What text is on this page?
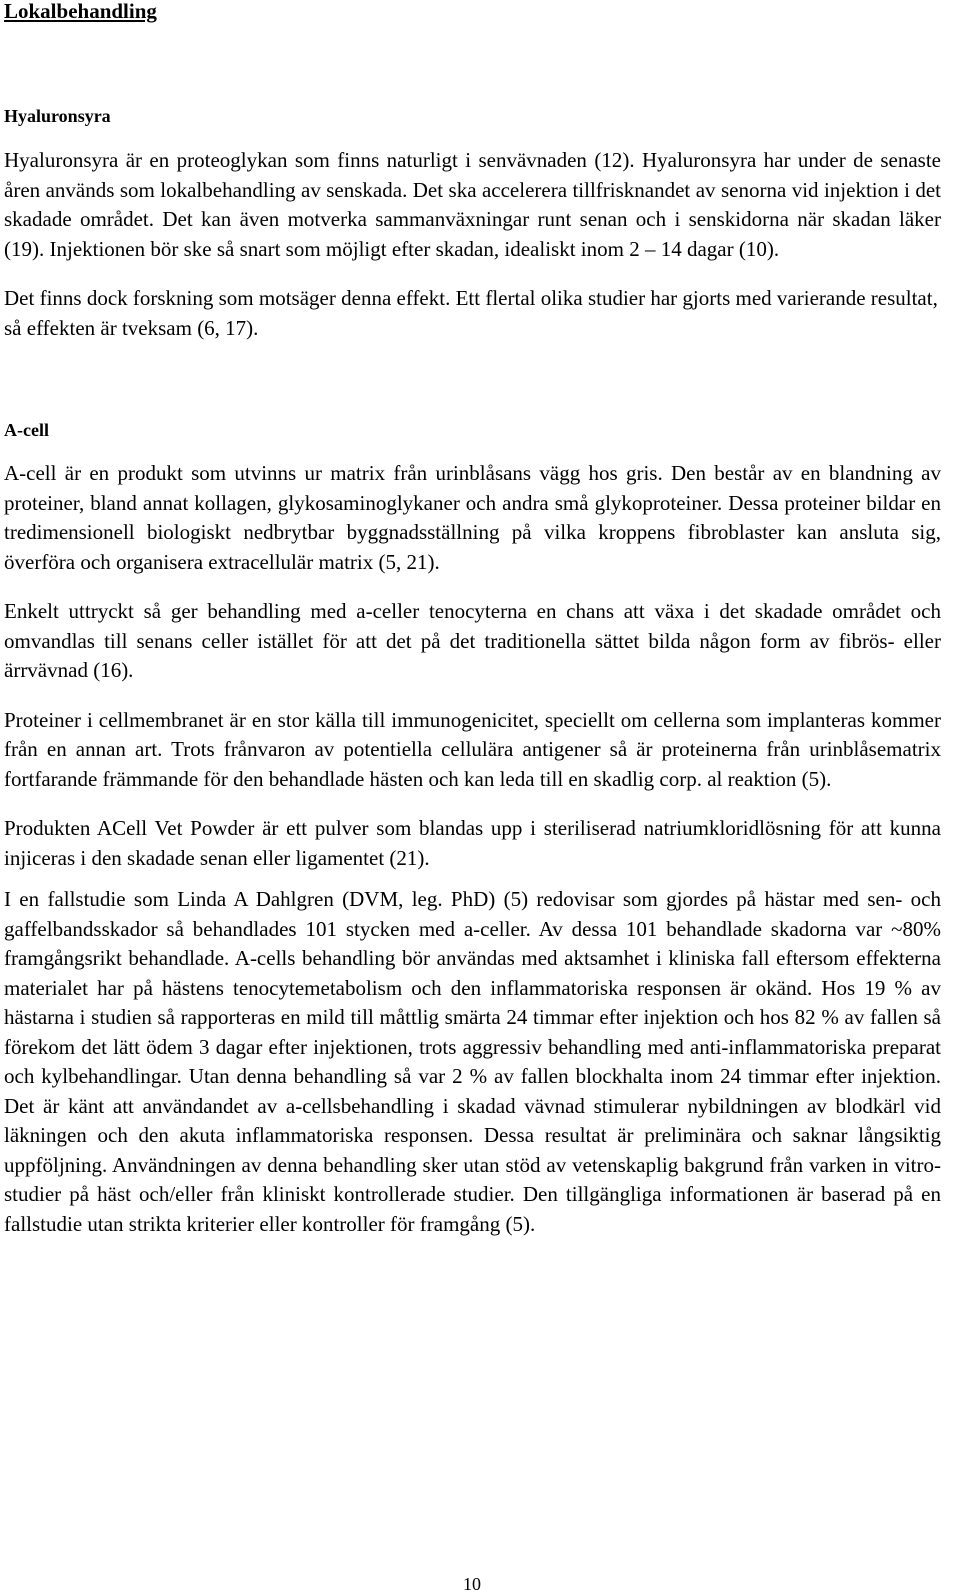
Lokalbehandling
Hyaluronsyra

Hyaluronsyra är en proteoglykan som finns naturligt i senvävnaden (12). Hyaluronsyra har under de senaste åren används som lokalbehandling av senskada. Det ska accelerera tillfrisknandet av senorna vid injektion i det skadade området. Det kan även motverka sammanväxningar runt senan och i senskidorna när skadan läker (19). Injektionen bör ske så snart som möjligt efter skadan, idealiskt inom 2 – 14 dagar (10).

Det finns dock forskning som motsäger denna effekt. Ett flertal olika studier har gjorts med varierande resultat, så effekten är tveksam (6, 17).

A-cell

A-cell är en produkt som utvinns ur matrix från urinblåsans vägg hos gris. Den består av en blandning av proteiner, bland annat kollagen, glykosaminoglykaner och andra små glykoproteiner. Dessa proteiner bildar en tredimensionell biologiskt nedbrytbar byggnadsställning på vilka kroppens fibroblaster kan ansluta sig, överföra och organisera extracellulär matrix (5, 21).

Enkelt uttryckt så ger behandling med a-celler tenocyterna en chans att växa i det skadade området och omvandlas till senans celler istället för att det på det traditionella sättet bilda någon form av fibrös- eller ärrvävnad (16).

Proteiner i cellmembranet är en stor källa till immunogenicitet, speciellt om cellerna som implanteras kommer från en annan art. Trots frånvaron av potentiella cellulära antigener så är proteinerna från urinblåsematrix fortfarande främmande för den behandlade hästen och kan leda till en skadlig corp. al reaktion (5).

Produkten ACell Vet Powder är ett pulver som blandas upp i steriliserad natriumkloridlösning för att kunna injiceras i den skadade senan eller ligamentet (21).

I en fallstudie som Linda A Dahlgren (DVM, leg. PhD) (5) redovisar som gjordes på hästar med sen- och gaffelbandsskador så behandlades 101 stycken med a-celler. Av dessa 101 behandlade skadorna var ~80% framgångsrikt behandlade. A-cells behandling bör användas med aktsamhet i kliniska fall eftersom effekterna materialet har på hästens tenocytemetabolism och den inflammatoriska responsen är okänd. Hos 19 % av hästarna i studien så rapporteras en mild till måttlig smärta 24 timmar efter injektion och hos 82 % av fallen så förekom det lätt ödem 3 dagar efter injektionen, trots aggressiv behandling med anti-inflammatoriska preparat och kylbehandlingar. Utan denna behandling så var 2 % av fallen blockhalta inom 24 timmar efter injektion. Det är känt att användandet av a-cellsbehandling i skadad vävnad stimulerar nybildningen av blodkärl vid läkningen och den akuta inflammatoriska responsen. Dessa resultat är preliminära och saknar långsiktig uppföljning. Användningen av denna behandling sker utan stöd av vetenskaplig bakgrund från varken in vitro-studier på häst och/eller från kliniskt kontrollerade studier. Den tillgängliga informationen är baserad på en fallstudie utan strikta kriterier eller kontroller för framgång (5).

10
